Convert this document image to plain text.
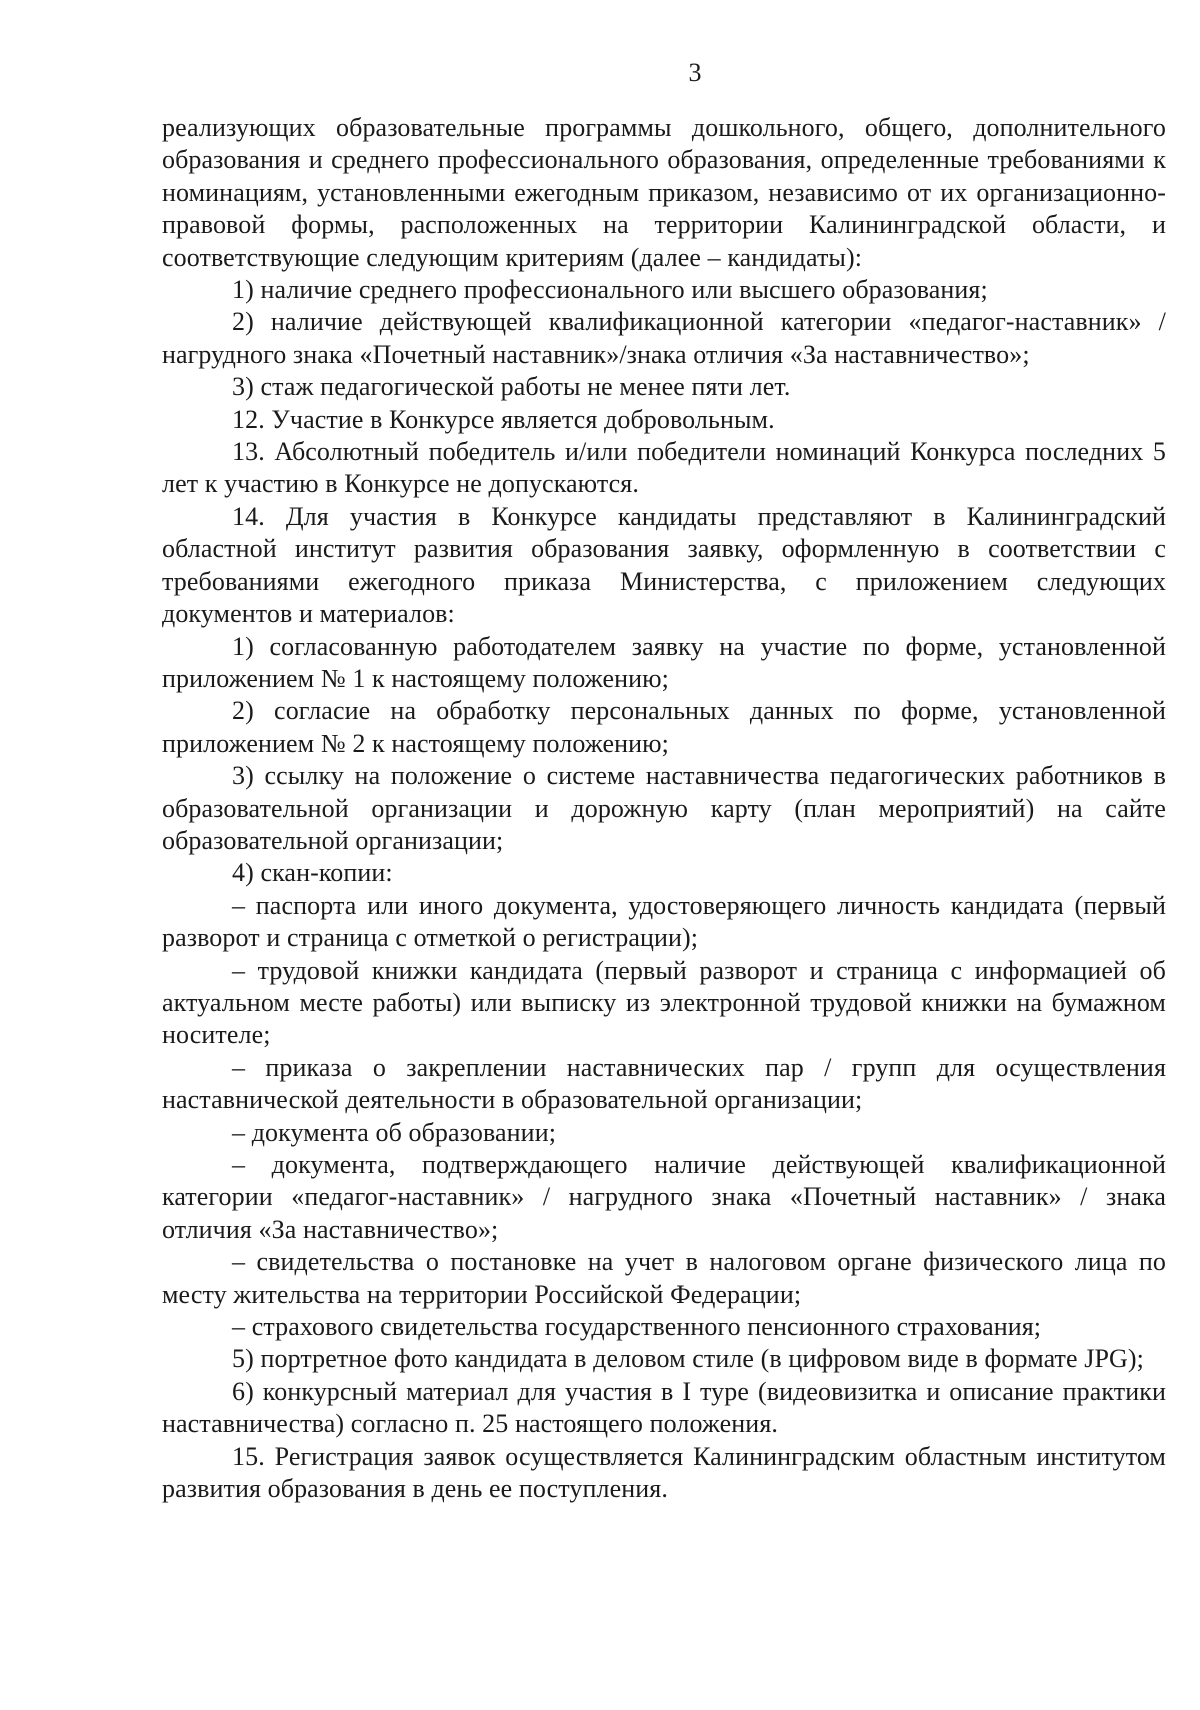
3

реализующих образовательные программы дошкольного, общего, дополнительного образования и среднего профессионального образования, определенные требованиями к номинациям, установленными ежегодным приказом, независимо от их организационно-правовой формы, расположенных на территории Калининградской области, и соответствующие следующим критериям (далее – кандидаты):

1) наличие среднего профессионального или высшего образования;

2) наличие действующей квалификационной категории «педагог-наставник» /нагрудного знака «Почетный наставник»/знака отличия «За наставничество»;

3) стаж педагогической работы не менее пяти лет.

12. Участие в Конкурсе является добровольным.

13. Абсолютный победитель и/или победители номинаций Конкурса последних 5 лет к участию в Конкурсе не допускаются.

14. Для участия в Конкурсе кандидаты представляют в Калининградский областной институт развития образования заявку, оформленную в соответствии с требованиями ежегодного приказа Министерства, с приложением следующих документов и материалов:

1) согласованную работодателем заявку на участие по форме, установленной приложением № 1 к настоящему положению;

2) согласие на обработку персональных данных по форме, установленной приложением № 2 к настоящему положению;

3) ссылку на положение о системе наставничества педагогических работников в образовательной организации и дорожную карту (план мероприятий) на сайте образовательной организации;

4) скан-копии:

– паспорта или иного документа, удостоверяющего личность кандидата (первый разворот и страница с отметкой о регистрации);

– трудовой книжки кандидата (первый разворот и страница с информацией об актуальном месте работы) или выписку из электронной трудовой книжки на бумажном носителе;

– приказа о закреплении наставнических пар / групп для осуществления наставнической деятельности в образовательной организации;

– документа об образовании;

– документа, подтверждающего наличие действующей квалификационной категории «педагог-наставник» / нагрудного знака «Почетный наставник» / знака отличия «За наставничество»;

– свидетельства о постановке на учет в налоговом органе физического лица по месту жительства на территории Российской Федерации;

– страхового свидетельства государственного пенсионного страхования;

5) портретное фото кандидата в деловом стиле (в цифровом виде в формате JPG);

6) конкурсный материал для участия в I туре (видеовизитка и описание практики наставничества) согласно п. 25 настоящего положения.

15. Регистрация заявок осуществляется Калининградским областным институтом развития образования в день ее поступления.
